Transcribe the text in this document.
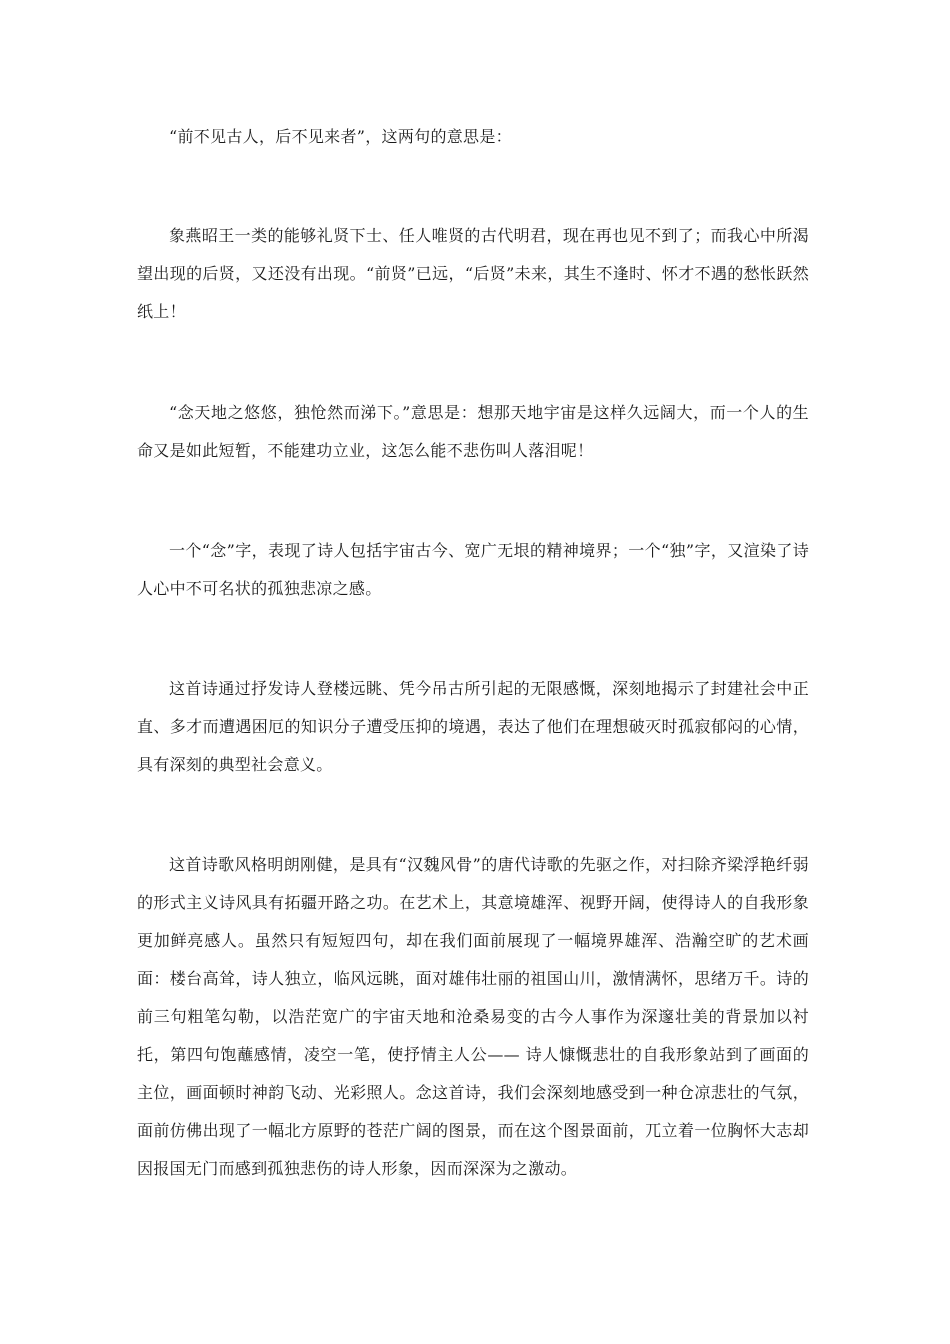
“前不见古人，后不见来者”，这两句的意思是：

象燕昭王一类的能够礼贤下士、任人唯贤的古代明君，现在再也见不到了；而我心中所渴望出现的后贤，又还没有出现。“前贤”已远，“后贤”未来，其生不逢时、怀才不遇的愁怅跃然纸上！

“念天地之悠悠，独怆然而涕下。”意思是：想那天地宇宙是这样久远阔大，而一个人的生命又是如此短暂，不能建功立业，这怎么能不悲伤叫人落泪呢！

一个“念”字，表现了诗人包括宇宙古今、宽广无垠的精神境界；一个“独”字，又渲染了诗人心中不可名状的孤独悲凉之感。

这首诗通过抒发诗人登楼远眺、凭今吊古所引起的无限感慨，深刻地揭示了封建社会中正直、多才而遭遇困厄的知识分子遭受压抑的境遇，表达了他们在理想破灭时孤寂郁闷的心情，具有深刻的典型社会意义。

这首诗歌风格明朗刚健，是具有“汉魏风骨”的唐代诗歌的先驱之作，对扫除齐梁浮艳纤弱的形式主义诗风具有拓疆开路之功。在艺术上，其意境雄浑、视野开阔，使得诗人的自我形象更加鲜亮感人。虽然只有短短四句，却在我们面前展现了一幅境界雄浑、浩瀚空旷的艺术画面：楼台高耸，诗人独立，临风远眺，面对雄伟壮丽的祖国山川，激情满怀，思绪万千。诗的前三句粗笔勾勒，以浩茫宽广的宇宙天地和沧桑易变的古今人事作为深邃壮美的背景加以衬托，第四句饱蘸感情，凌空一笔，使抒情主人公—— 诗人慷慨悲壮的自我形象站到了画面的主位，画面顿时神韵飞动、光彩照人。念这首诗，我们会深刻地感受到一种仓凉悲壮的气氛，面前仿佛出现了一幅北方原野的苍茫广阔的图景，而在这个图景面前，兀立着一位胸怀大志却因报国无门而感到孤独悲伤的诗人形象，因而深深为之激动。
